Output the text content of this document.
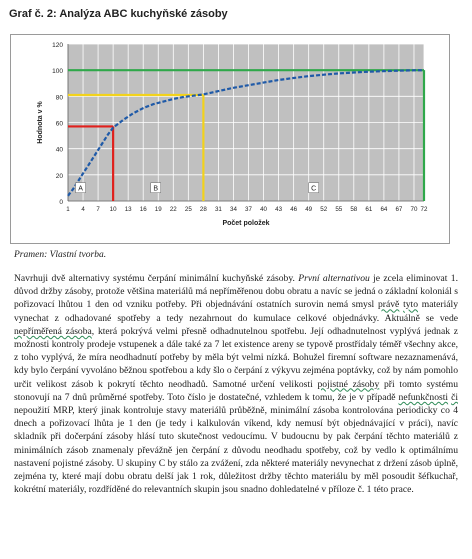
Graf č. 2: Analýza ABC kuchyňské zásoby
0
20
40
60
80
100
120
1 4 7 10 13 16 19 22 25 28 31 34 37 40 43 46 49 52 55 58 61 64 67 70 72
A	B	C
Hodnota v %
Počet položek
Pramen: Vlastní tvorba.

Navrhuji dvě alternativy systému čerpání minimální kuchyňské zásoby. První alternativou je zcela eliminovat 1. důvod držby zásoby, protože většina materiálů má nepříměřenou dobu obratu a navíc se jedná o základní koloniál s pořizovací lhůtou 1 den od vzniku potřeby. Při objednávání ostatních surovin nemá smysl právě tyto materiály vynechat z odhadované spotřeby a tedy nezahrnout do kumulace celkové objednávky. Aktuálně se vede nepříměřená zásoba, která pokrývá velmi přesně odhadnutelnou spotřebu. Její odhadnutelnost vyplývá jednak z možnosti kontroly prodeje vstupenek a dále také za 7 let existence areny se typově prostřídaly téměř všechny akce, z toho vyplývá, že míra neodhadnutí potřeby by měla být velmi nízká. Bohužel firemní software nezaznamenává, kdy bylo čerpání vyvoláno běžnou spotřebou a kdy šlo o čerpání z výkyvu zejména poptávky, což by nám pomohlo určit velikost zásob k pokrytí těchto neodhadů. Samotné určení velikosti pojistné zásoby při tomto systému stonovují na 7 dnů průměrné spotřeby. Toto číslo je dostatečné, vzhledem k tomu, že je v případě nefunkčnosti či nepoužití MRP, který jinak kontroluje stavy materiálů průběžně, minimální zásoba kontrolována periodicky co 4 dnech a pořizovací lhůta je 1 den (je tedy i kalkulován víkend, kdy nemusí být objednávající v práci), navíc skladník při dočerpání zásoby hlásí tuto skutečnost vedoucímu. V budoucnu by pak čerpání těchto materiálů z minimálních zásob znamenaly převážně jen čerpání z důvodu neodhadu spotřeby, což by vedlo k optimálnímu nastavení pojistné zásoby. U skupiny C by stálo za zvážení, zda některé materiály nevynechat z držení zásob úplně, zejména ty, které mají dobu obratu delší jak 1 rok, důležitost držby těchto materiálu by měl posoudit šéfkuchař, kokrétní materiály, rozdříděné do relevantních skupin jsou snadno dohledatelné v příloze č. 1 této prace.
